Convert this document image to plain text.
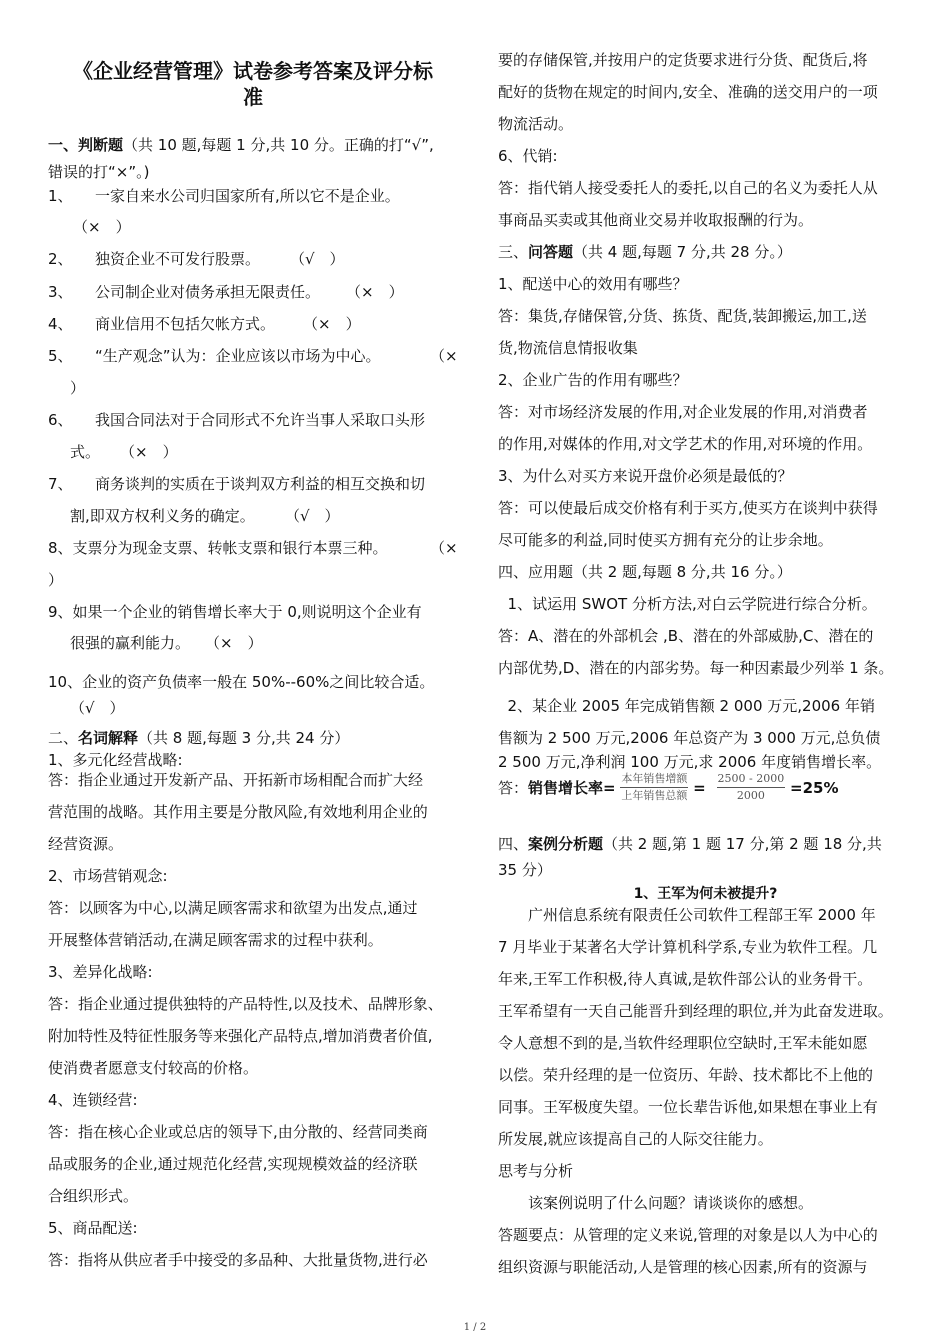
《企业经营管理》试卷参考答案及评分标
准
一、判断题（共 10 题,每题 1 分,共 10 分。正确的打“√”,
错误的打“×”。)
1、 一家自来水公司归国家所有,所以它不是企业。
（×　）
2、 独资企业不可发行股票。 （√　）
3、 公司制企业对债务承担无限责任。 （×　）
4、 商业信用不包括欠帐方式。 （×　）
5、 “生产观念”认为：企业应该以市场为中心。	（×
）
6、 我国合同法对于合同形式不允许当事人采取口头形
式。 （×　）
7、 商务谈判的实质在于谈判双方利益的相互交换和切
割,即双方权利义务的确定。 （√　）
8、支票分为现金支票、转帐支票和银行本票三种。	（×
）
9、如果一个企业的销售增长率大于 0,则说明这个企业有
很强的赢利能力。 （×　）
10、企业的资产负债率一般在 50%--60%之间比较合适。
（√　）
二、名词解释（共 8 题,每题 3 分,共 24 分）
1、多元化经营战略:
答：指企业通过开发新产品、开拓新市场相配合而扩大经
营范围的战略。其作用主要是分散风险,有效地利用企业的
经营资源。
2、市场营销观念:
答：以顾客为中心,以满足顾客需求和欲望为出发点,通过
开展整体营销活动,在满足顾客需求的过程中获利。
3、差异化战略:
答：指企业通过提供独特的产品特性,以及技术、品牌形象、
附加特性及特征性服务等来强化产品特点,增加消费者价值,
使消费者愿意支付较高的价格。
4、连锁经营:
答：指在核心企业或总店的领导下,由分散的、经营同类商
品或服务的企业,通过规范化经营,实现规模效益的经济联
合组织形式。
5、商品配送:
答：指将从供应者手中接受的多品种、大批量货物,进行必
要的存储保管,并按用户的定货要求进行分货、配货后,将
配好的货物在规定的时间内,安全、准确的送交用户的一项
物流活动。
6、代销:
答：指代销人接受委托人的委托,以自己的名义为委托人从
事商品买卖或其他商业交易并收取报酬的行为。
三、问答题（共 4 题,每题 7 分,共 28 分。）
1、配送中心的效用有哪些？
答：集货,存储保管,分货、拣货、配货,装卸搬运,加工,送
货,物流信息情报收集
2、企业广告的作用有哪些？
答：对市场经济发展的作用,对企业发展的作用,对消费者
的作用,对媒体的作用,对文学艺术的作用,对环境的作用。
3、为什么对买方来说开盘价必须是最低的？
答：可以使最后成交价格有利于买方,使买方在谈判中获得
尽可能多的利益,同时使买方拥有充分的让步余地。
四、应用题（共 2 题,每题 8 分,共 16 分。）
1、试运用 SWOT 分析方法,对白云学院进行综合分析。
答：A、潜在的外部机会 ,B、潜在的外部威胁,C、潜在的
内部优势,D、潜在的内部劣势。每一种因素最少列举 1 条。
2、某企业 2005 年完成销售额 2 000 万元,2006 年销
售额为 2 500 万元,2006 年总资产为 3 000 万元,总负债
2 500 万元,净利润 100 万元,求 2006 年度销售增长率。
答：销售增长率= $\frac{\text{本年销售增额}}{\text{上年销售总额}} = \frac{2500 - 2000}{2000} =25\%$
四、案例分析题（共 2 题,第 1 题 17 分,第 2 题 18 分,共
35 分）
1、王军为何未被提升?
　　广州信息系统有限责任公司软件工程部王军 2000 年
7 月毕业于某著名大学计算机科学系,专业为软件工程。几
年来,王军工作积极,待人真诚,是软件部公认的业务骨干。
王军希望有一天自己能晋升到经理的职位,并为此奋发进取。
令人意想不到的是,当软件经理职位空缺时,王军未能如愿
以偿。荣升经理的是一位资历、年龄、技术都比不上他的
同事。王军极度失望。一位长辈告诉他,如果想在事业上有
所发展,就应该提高自己的人际交往能力。
思考与分析
　　该案例说明了什么问题？请谈谈你的感想。
答题要点：从管理的定义来说,管理的对象是以人为中心的
组织资源与职能活动,人是管理的核心因素,所有的资源与
1 / 2
